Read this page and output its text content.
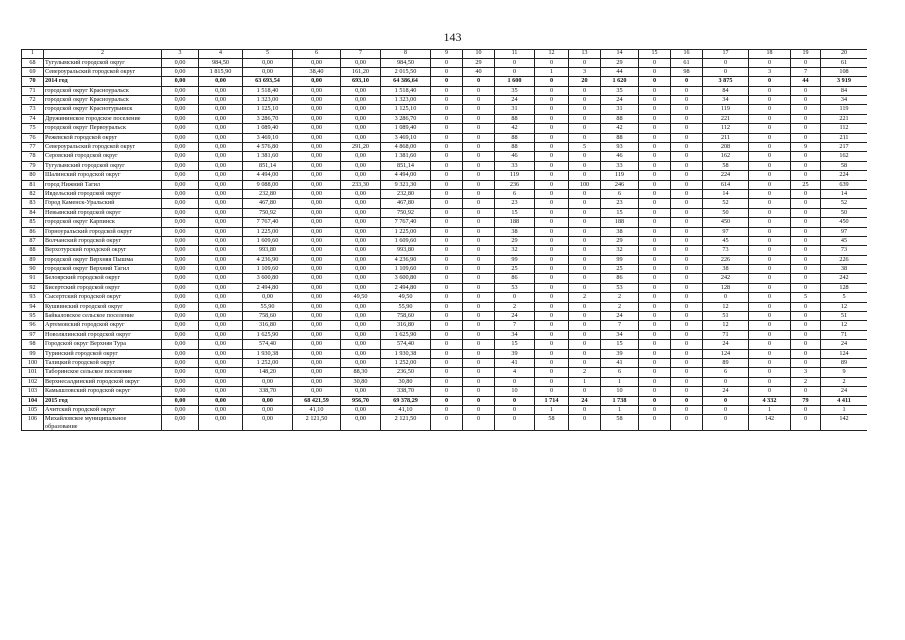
143
1	2	3	4	5	6	7	8	9	10	11	12	13	14	15	16	17	18	19	20
68	Тугулымский городской округ	0,00	984,50	0,00	0,00	0,00	984,50	0	29	0	0	0	29	0	61	0	0	0	61
69	Североуральский городской округ	0,00	1 815,90	0,00	38,40	161,20	2 015,50	0	40	0	1	3	44	0	98	0	3	7	108
70	2014 год	0,00	0,00	63 693,54	0,00	693,10	64 386,64	0	0	1 600	0	20	1 620	0	0	3 875	0	44	3 919
71	городской округ Красноуральск	0,00	0,00	1 518,40	0,00	0,00	1 518,40	0	0	35	0	0	35	0	0	84	0	0	84
72	городской округ Красноуральск	0,00	0,00	1 323,00	0,00	0,00	1 323,00	0	0	24	0	0	24	0	0	34	0	0	34
73	городской округ Краснотурьинск	0,00	0,00	1 125,10	0,00	0,00	1 125,10	0	0	31	0	0	31	0	0	119	0	0	119
74	Дружининское городское поселение	0,00	0,00	3 286,70	0,00	0,00	3 286,70	0	0	88	0	0	88	0	0	221	0	0	221
75	городской округ Первоуральск	0,00	0,00	1 089,40	0,00	0,00	1 089,40	0	0	42	0	0	42	0	0	112	0	0	112
76	Режевской городской округ	0,00	0,00	3 469,10	0,00	0,00	3 469,10	0	0	88	0	0	88	0	0	211	0	0	211
77	Североуральский городской округ	0,00	0,00	4 576,80	0,00	291,20	4 868,00	0	0	88	0	5	93	0	0	208	0	9	217
78	Серовский городской округ	0,00	0,00	1 381,60	0,00	0,00	1 381,60	0	0	46	0	0	46	0	0	162	0	0	162
79	Тугулымский городской округ	0,00	0,00	851,14	0,00	0,00	851,14	0	0	33	0	0	33	0	0	58	0	0	58
80	Шалинский городской округ	0,00	0,00	4 494,00	0,00	0,00	4 494,00	0	0	119	0	0	119	0	0	224	0	0	224
81	город Нижний Тагил	0,00	0,00	9 088,00	0,00	233,30	9 321,30	0	0	236	0	100	246	0	0	614	0	25	639
82	Ивдельский городской округ	0,00	0,00	232,80	0,00	0,00	232,80	0	0	6	0	0	6	0	0	14	0	0	14
83	Город Каменск-Уральский	0,00	0,00	467,80	0,00	0,00	467,80	0	0	23	0	0	23	0	0	52	0	0	52
84	Невьянский городской округ	0,00	0,00	750,92	0,00	0,00	750,92	0	0	15	0	0	15	0	0	50	0	0	50
85	городской округ Карпинск	0,00	0,00	7 767,40	0,00	0,00	7 767,40	0	0	188	0	0	188	0	0	450	0	0	450
86	Горноуральский городской округ	0,00	0,00	1 225,00	0,00	0,00	1 225,00	0	0	38	0	0	38	0	0	97	0	0	97
87	Волчанский городской округ	0,00	0,00	1 609,60	0,00	0,00	1 609,60	0	0	29	0	0	29	0	0	45	0	0	45
88	Верхотурский городской округ	0,00	0,00	993,80	0,00	0,00	993,80	0	0	32	0	0	32	0	0	73	0	0	73
89	городской округ Верхняя Пышма	0,00	0,00	4 236,90	0,00	0,00	4 236,90	0	0	99	0	0	99	0	0	226	0	0	226
90	городской округ Верхний Тагил	0,00	0,00	1 109,60	0,00	0,00	1 109,60	0	0	25	0	0	25	0	0	38	0	0	38
91	Белоярский городской округ	0,00	0,00	3 600,80	0,00	0,00	3 600,80	0	0	86	0	0	86	0	0	242	0	0	242
92	Бисертский городской округ	0,00	0,00	2 494,80	0,00	0,00	2 494,80	0	0	53	0	0	53	0	0	128	0	0	128
93	Сысертский городской округ	0,00	0,00	0,00	0,00	49,50	49,50	0	0	0	0	2	2	0	0	0	0	5	5
94	Кушвинский городской округ	0,00	0,00	55,90	0,00	0,00	55,90	0	0	2	0	0	2	0	0	12	0	0	12
95	Байкаловское сельское поселение	0,00	0,00	758,60	0,00	0,00	758,60	0	0	24	0	0	24	0	0	51	0	0	51
96	Артемовский городской округ	0,00	0,00	316,80	0,00	0,00	316,80	0	0	7	0	0	7	0	0	12	0	0	12
97	Новолялинский городской округ	0,00	0,00	1 625,90	0,00	0,00	1 625,90	0	0	34	0	0	34	0	0	71	0	0	71
98	Городской округ Верхняя Тура	0,00	0,00	574,40	0,00	0,00	574,40	0	0	15	0	0	15	0	0	24	0	0	24
99	Туринский городской округ	0,00	0,00	1 930,38	0,00	0,00	1 930,38	0	0	39	0	0	39	0	0	124	0	0	124
100	Талицкий городской округ	0,00	0,00	1 252,00	0,00	0,00	1 252,00	0	0	41	0	0	41	0	0	89	0	0	89
101	Таборинское сельское поселение	0,00	0,00	148,20	0,00	88,30	236,50	0	0	4	0	2	6	0	0	6	0	3	9
102	Верхнесалдинский городской округ	0,00	0,00	0,00	0,00	30,80	30,80	0	0	0	0	1	1	0	0	0	0	2	2
103	Камышловский городской округ	0,00	0,00	338,70	0,00	0,00	338,70	0	0	10	0	0	10	0	0	24	0	0	24
104	2015 год	0,00	0,00	0,00	68 421,59	956,70	69 378,29	0	0	0	1 714	24	1 738	0	0	0	4 332	79	4 411
105	Ачитский городской округ	0,00	0,00	0,00	41,10	0,00	41,10	0	0	0	1	0	1	0	0	0	1	0	1
106	Михайловское муниципальное образование	0,00	0,00	0,00	2 121,50	0,00	2 121,50	0	0	0	58	0	58	0	0	0	142	0	142
